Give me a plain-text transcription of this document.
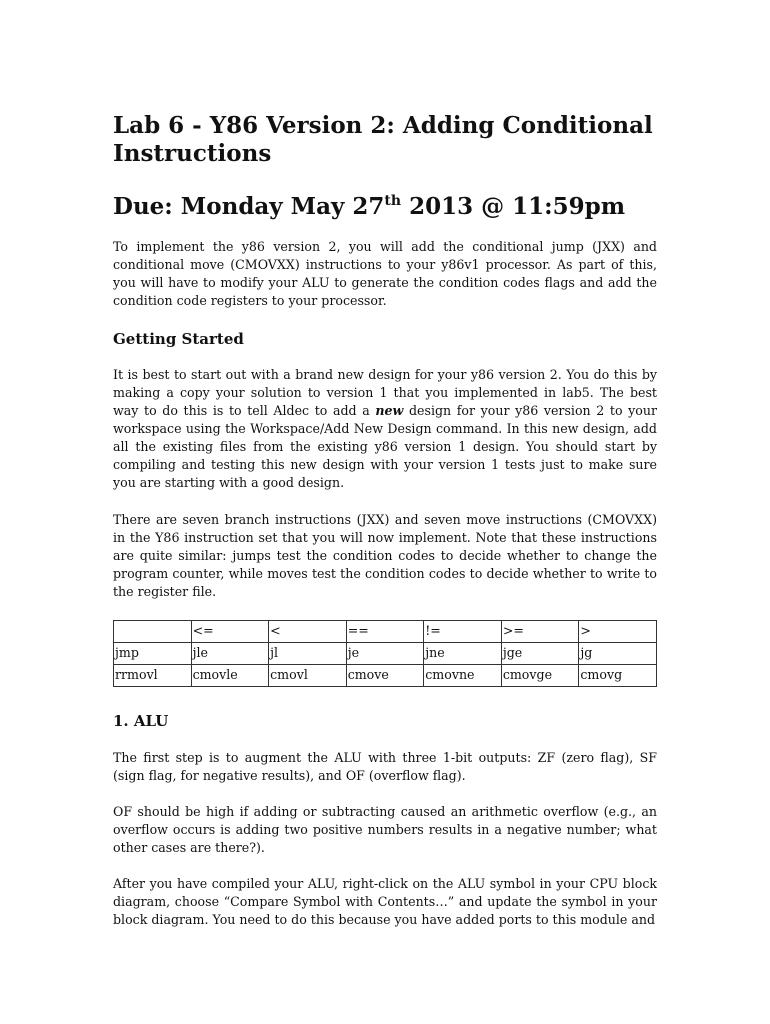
Lab 6 - Y86 Version 2: Adding Conditional Instructions
Due: Monday May 27th 2013 @ 11:59pm

To implement the y86 version 2, you will add the conditional jump (JXX) and conditional move (CMOVXX) instructions to your y86v1 processor. As part of this, you will have to modify your ALU to generate the condition codes flags and add the condition code registers to your processor.

Getting Started

It is best to start out with a brand new design for your y86 version 2. You do this by making a copy your solution to version 1 that you implemented in lab5. The best way to do this is to tell Aldec to add a new design for your y86 version 2 to your workspace using the Workspace/Add New Design command. In this new design, add all the existing files from the existing y86 version 1 design. You should start by compiling and testing this new design with your version 1 tests just to make sure you are starting with a good design.

There are seven branch instructions (JXX) and seven move instructions (CMOVXX) in the Y86 instruction set that you will now implement. Note that these instructions are quite similar: jumps test the condition codes to decide whether to change the program counter, while moves test the condition codes to decide whether to write to the register file.

	<=	<	==	!=	>=	>
jmp	jle	jl	je	jne	jge	jg
rrmovl	cmovle	cmovl	cmove	cmovne	cmovge	cmovg
1. ALU

The first step is to augment the ALU with three 1-bit outputs: ZF (zero flag), SF (sign flag, for negative results), and OF (overflow flag).

OF should be high if adding or subtracting caused an arithmetic overflow (e.g., an overflow occurs is adding two positive numbers results in a negative number; what other cases are there?).

After you have compiled your ALU, right-click on the ALU symbol in your CPU block diagram, choose “Compare Symbol with Contents…” and update the symbol in your block diagram. You need to do this because you have added ports to this module and
